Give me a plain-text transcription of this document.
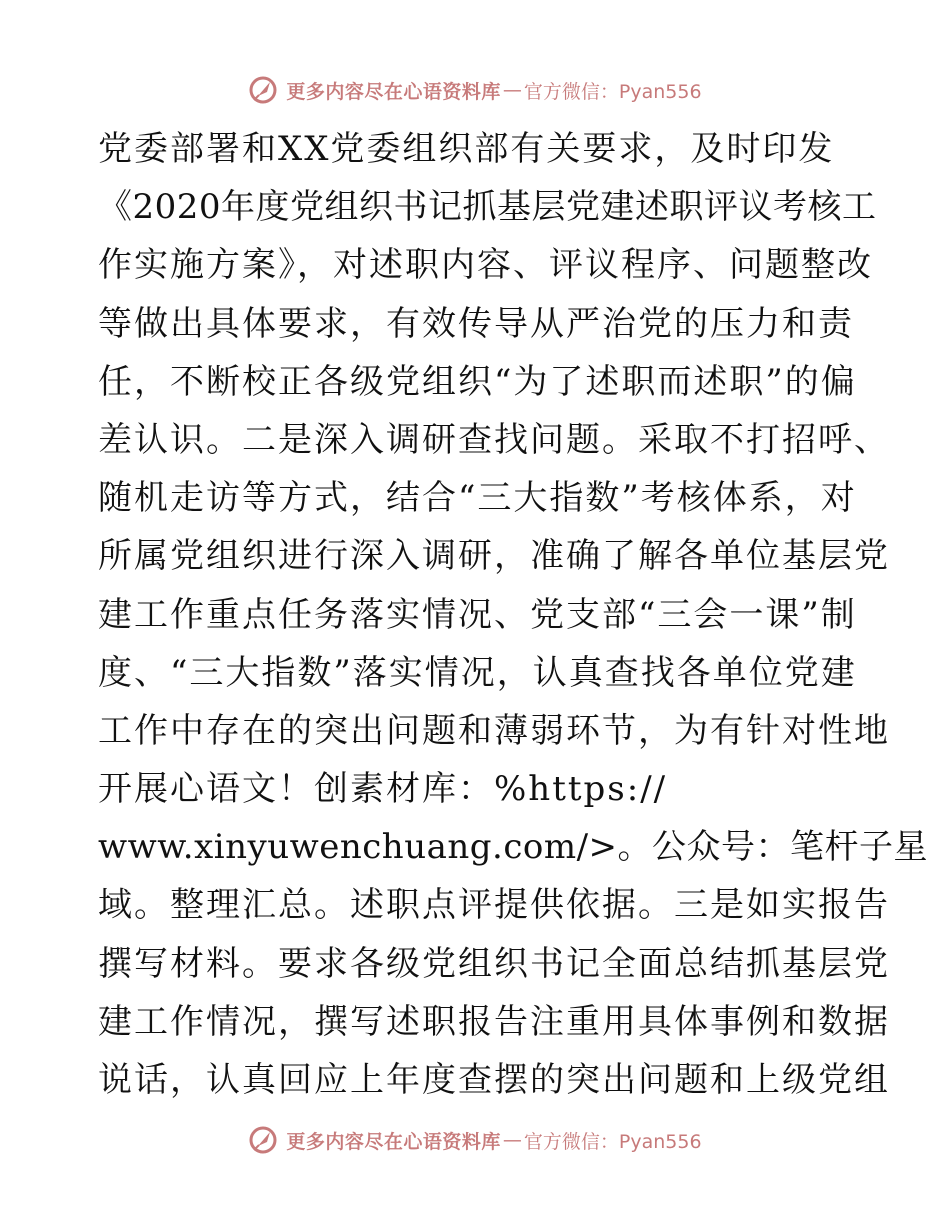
更多内容尽在心语资料库 — 官方微信：Pyan556
党委部署和XX党委组织部有关要求，及时印发
《2020年度党组织书记抓基层党建述职评议考核工
作实施方案》，对述职内容、评议程序、问题整改
等做出具体要求，有效传导从严治党的压力和责
任，不断校正各级党组织“为了述职而述职”的偏
差认识。二是深入调研查找问题。采取不打招呼、
随机走访等方式，结合“三大指数”考核体系，对
所属党组织进行深入调研，准确了解各单位基层党
建工作重点任务落实情况、党支部“三会一课”制
度、“三大指数”落实情况，认真查找各单位党建
工作中存在的突出问题和薄弱环节，为有针对性地
开展心语文！创素材库：%https://
www.xinyuwenchuang.com/>。公众号：笔杆子星
域。整理汇总。述职点评提供依据。三是如实报告
撰写材料。要求各级党组织书记全面总结抓基层党
建工作情况，撰写述职报告注重用具体事例和数据
说话，认真回应上年度查摆的突出问题和上级党组
更多内容尽在心语资料库 — 官方微信：Pyan556
